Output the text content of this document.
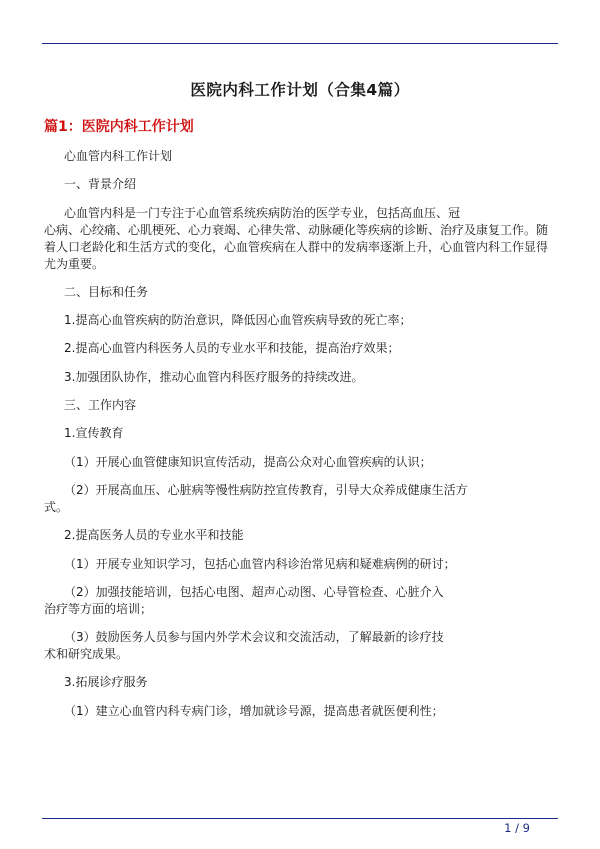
医院内科工作计划（合集4篇）
篇1：医院内科工作计划

心血管内科工作计划

一、背景介绍

心血管内科是一门专注于心血管系统疾病防治的医学专业，包括高血压、冠
心病、心绞痛、心肌梗死、心力衰竭、心律失常、动脉硬化等疾病的诊断、治疗及康复工作。随着人口老龄化和生活方式的变化，心血管疾病在人群中的发病率逐渐上升，心血管内科工作显得尤为重要。

二、目标和任务

1.提高心血管疾病的防治意识，降低因心血管疾病导致的死亡率；

2.提高心血管内科医务人员的专业水平和技能，提高治疗效果；

3.加强团队协作，推动心血管内科医疗服务的持续改进。

三、工作内容

1.宣传教育

（1）开展心血管健康知识宣传活动，提高公众对心血管疾病的认识；

（2）开展高血压、心脏病等慢性病防控宣传教育，引导大众养成健康生活方式。

2.提高医务人员的专业水平和技能

（1）开展专业知识学习，包括心血管内科诊治常见病和疑难病例的研讨；

（2）加强技能培训，包括心电图、超声心动图、心导管检查、心脏介入治疗等方面的培训；

（3）鼓励医务人员参与国内外学术会议和交流活动，了解最新的诊疗技术和研究成果。

3.拓展诊疗服务

（1）建立心血管内科专病门诊，增加就诊号源，提高患者就医便利性；

1 / 9
